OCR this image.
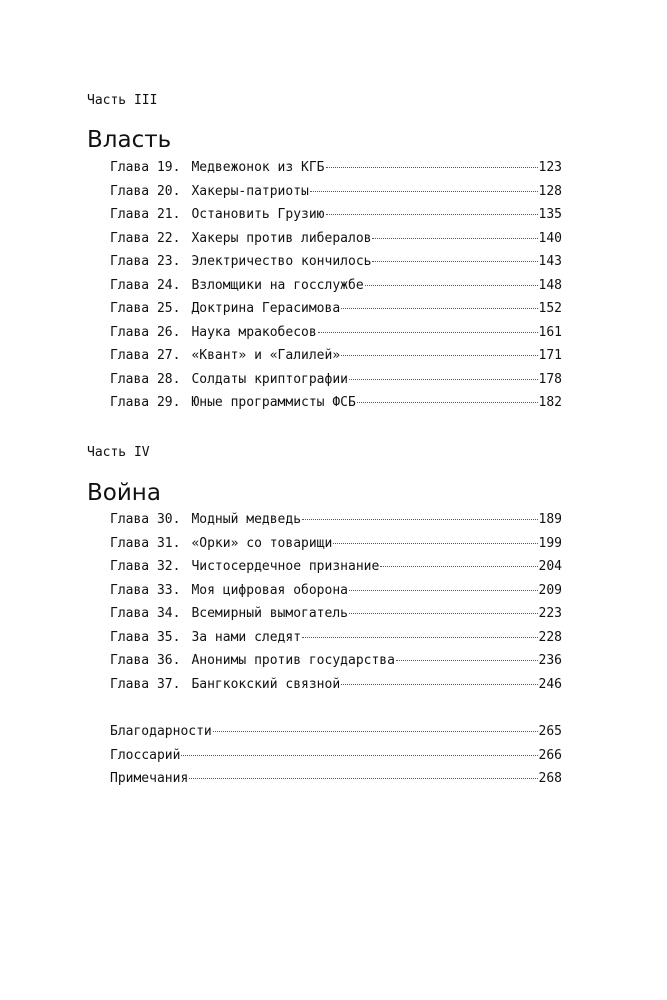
Часть III
Власть
Глава 19. Медвежонок из КГБ	123
Глава 20. Хакеры-патриоты	128
Глава 21. Остановить Грузию	135
Глава 22. Хакеры против либералов	140
Глава 23. Электричество кончилось	143
Глава 24. Взломщики на госслужбе	148
Глава 25. Доктрина Герасимова	152
Глава 26. Наука мракобесов	161
Глава 27. «Квант» и «Галилей»	171
Глава 28. Солдаты криптографии	178
Глава 29. Юные программисты ФСБ	182
Часть IV
Война
Глава 30. Модный медведь	189
Глава 31. «Орки» со товарищи	199
Глава 32. Чистосердечное признание	204
Глава 33. Моя цифровая оборона	209
Глава 34. Всемирный вымогатель	223
Глава 35. За нами следят	228
Глава 36. Анонимы против государства	236
Глава 37. Бангкокский связной	246
Благодарности	265
Глоссарий	266
Примечания	268
